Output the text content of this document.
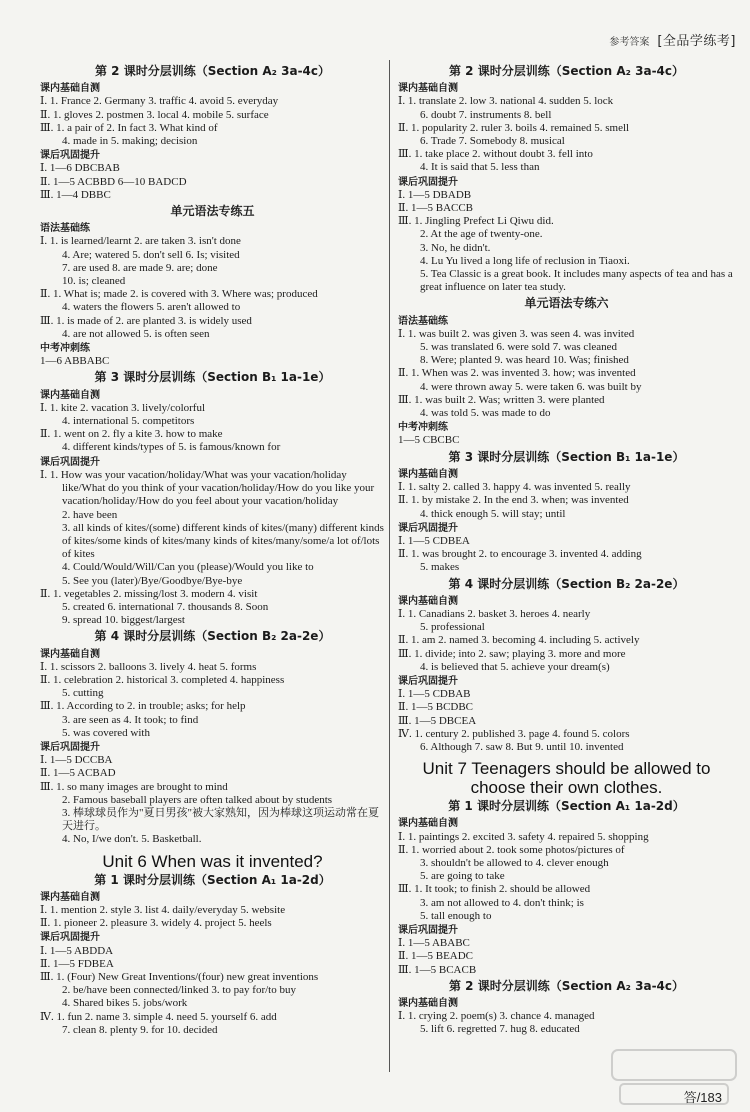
参考答案 [全品学练考]
第 2 课时分层训练（Section A₂ 3a-4c）
课内基础自测
Ⅰ. 1. France 2. Germany 3. traffic 4. avoid 5. everyday
Ⅱ. 1. gloves 2. postmen 3. local 4. mobile 5. surface
Ⅲ. 1. a pair of 2. In fact 3. What kind of
4. made in 5. making; decision
课后巩固提升
Ⅰ. 1—6 DBCBAB
Ⅱ. 1—5 ACBBD 6—10 BADCD
Ⅲ. 1—4 DBBC
单元语法专练五
语法基础练
Ⅰ. 1. is learned/learnt 2. are taken 3. isn't done
4. Are; watered 5. don't sell 6. Is; visited
7. are used 8. are made 9. are; done
10. is; cleaned
Ⅱ. 1. What is; made 2. is covered with 3. Where was; produced
4. waters the flowers 5. aren't allowed to
Ⅲ. 1. is made of 2. are planted 3. is widely used
4. are not allowed 5. is often seen
中考冲刺练
1—6 ABBABC
第 3 课时分层训练（Section B₁ 1a-1e）
课内基础自测
Ⅰ. 1. kite 2. vacation 3. lively/colorful
4. international 5. competitors
Ⅱ. 1. went on 2. fly a kite 3. how to make
4. different kinds/types of 5. is famous/known for
课后巩固提升
Ⅰ. 1. How was your vacation/holiday/What was your vacation/holiday like/What do you think of your vacation/holiday/How do you like your vacation/holiday/How do you feel about your vacation/holiday
2. have been
3. all kinds of kites/(some) different kinds of kites/(many) different kinds of kites/some kinds of kites/many kinds of kites/many/some/a lot of/lots of kites
4. Could/Would/Will/Can you (please)/Would you like to
5. See you (later)/Bye/Goodbye/Bye-bye
Ⅱ. 1. vegetables 2. missing/lost 3. modern 4. visit
5. created 6. international 7. thousands 8. Soon
9. spread 10. biggest/largest
第 4 课时分层训练（Section B₂ 2a-2e）
课内基础自测
Ⅰ. 1. scissors 2. balloons 3. lively 4. heat 5. forms
Ⅱ. 1. celebration 2. historical 3. completed 4. happiness
5. cutting
Ⅲ. 1. According to 2. in trouble; asks; for help
3. are seen as 4. It took; to find
5. was covered with
课后巩固提升
Ⅰ. 1—5 DCCBA
Ⅱ. 1—5 ACBAD
Ⅲ. 1. so many images are brought to mind
2. Famous baseball players are often talked about by students
3. 棒球球员作为"夏日男孩"被大家熟知，因为棒球这项运动常在夏天进行。
4. No, I/we don't. 5. Basketball.
Unit 6 When was it invented?
第 1 课时分层训练（Section A₁ 1a-2d）
课内基础自测
Ⅰ. 1. mention 2. style 3. list 4. daily/everyday 5. website
Ⅱ. 1. pioneer 2. pleasure 3. widely 4. project 5. heels
课后巩固提升
Ⅰ. 1—5 ABDDA
Ⅱ. 1—5 FDBEA
Ⅲ. 1. (Four) New Great Inventions/(four) new great inventions
2. be/have been connected/linked 3. to pay for/to buy
4. Shared bikes 5. jobs/work
Ⅳ. 1. fun 2. name 3. simple 4. need 5. yourself 6. add
7. clean 8. plenty 9. for 10. decided
第 2 课时分层训练（Section A₂ 3a-4c）
课内基础自测
Ⅰ. 1. translate 2. low 3. national 4. sudden 5. lock
6. doubt 7. instruments 8. bell
Ⅱ. 1. popularity 2. ruler 3. boils 4. remained 5. smell
6. Trade 7. Somebody 8. musical
Ⅲ. 1. take place 2. without doubt 3. fell into
4. It is said that 5. less than
课后巩固提升
Ⅰ. 1—5 DBADB
Ⅱ. 1—5 BACCB
Ⅲ. 1. Jingling Prefect Li Qiwu did.
2. At the age of twenty-one.
3. No, he didn't.
4. Lu Yu lived a long life of reclusion in Tiaoxi.
5. Tea Classic is a great book. It includes many aspects of tea and has a great influence on later tea study.
单元语法专练六
语法基础练
Ⅰ. 1. was built 2. was given 3. was seen 4. was invited
5. was translated 6. were sold 7. was cleaned
8. Were; planted 9. was heard 10. Was; finished
Ⅱ. 1. When was 2. was invented 3. how; was invented
4. were thrown away 5. were taken 6. was built by
Ⅲ. 1. was built 2. Was; written 3. were planted
4. was told 5. was made to do
中考冲刺练
1—5 CBCBC
第 3 课时分层训练（Section B₁ 1a-1e）
课内基础自测
Ⅰ. 1. salty 2. called 3. happy 4. was invented 5. really
Ⅱ. 1. by mistake 2. In the end 3. when; was invented
4. thick enough 5. will stay; until
课后巩固提升
Ⅰ. 1—5 CDBEA
Ⅱ. 1. was brought 2. to encourage 3. invented 4. adding
5. makes
第 4 课时分层训练（Section B₂ 2a-2e）
课内基础自测
Ⅰ. 1. Canadians 2. basket 3. heroes 4. nearly
5. professional
Ⅱ. 1. am 2. named 3. becoming 4. including 5. actively
Ⅲ. 1. divide; into 2. saw; playing 3. more and more
4. is believed that 5. achieve your dream(s)
课后巩固提升
Ⅰ. 1—5 CDBAB
Ⅱ. 1—5 BCDBC
Ⅲ. 1—5 DBCEA
Ⅳ. 1. century 2. published 3. page 4. found 5. colors
6. Although 7. saw 8. But 9. until 10. invented
Unit 7 Teenagers should be allowed to choose their own clothes.
第 1 课时分层训练（Section A₁ 1a-2d）
课内基础自测
Ⅰ. 1. paintings 2. excited 3. safety 4. repaired 5. shopping
Ⅱ. 1. worried about 2. took some photos/pictures of
3. shouldn't be allowed to 4. clever enough
5. are going to take
Ⅲ. 1. It took; to finish 2. should be allowed
3. am not allowed to 4. don't think; is
5. tall enough to
课后巩固提升
Ⅰ. 1—5 ABABC
Ⅱ. 1—5 BEADC
Ⅲ. 1—5 BCACB
第 2 课时分层训练（Section A₂ 3a-4c）
课内基础自测
Ⅰ. 1. crying 2. poem(s) 3. chance 4. managed
5. lift 6. regretted 7. hug 8. educated
答/183
